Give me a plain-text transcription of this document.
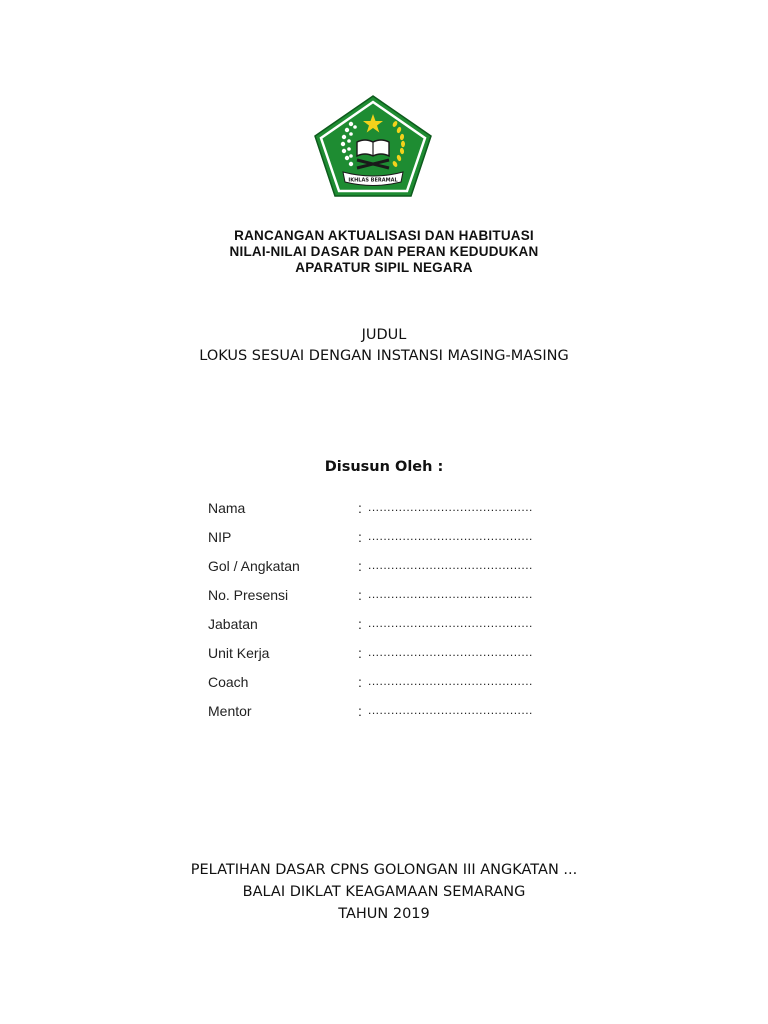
IKHLAS BERAMAL
RANCANGAN AKTUALISASI DAN HABITUASI
NILAI-NILAI DASAR DAN PERAN KEDUDUKAN
APARATUR SIPIL NEGARA
JUDUL
LOKUS SESUAI DENGAN INSTANSI MASING-MASING
Disusun Oleh :
Nama	: ...........................................
NIP	: ...........................................
Gol / Angkatan	: ...........................................
No. Presensi	: ...........................................
Jabatan	: ...........................................
Unit Kerja	: ...........................................
Coach	: ...........................................
Mentor	: ...........................................
PELATIHAN DASAR CPNS GOLONGAN III ANGKATAN ...
BALAI DIKLAT KEAGAMAAN SEMARANG
TAHUN 2019
